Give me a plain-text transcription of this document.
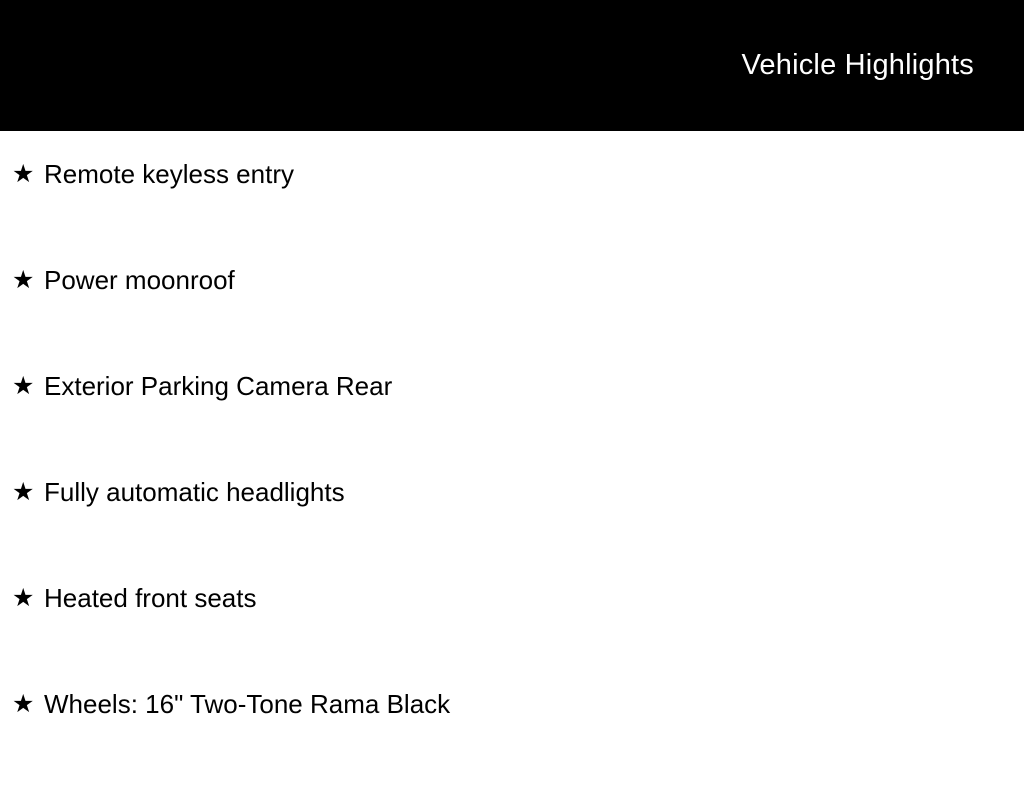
Vehicle Highlights
★ Remote keyless entry
★ Power moonroof
★ Exterior Parking Camera Rear
★ Fully automatic headlights
★ Heated front seats
★ Wheels: 16" Two-Tone Rama Black
